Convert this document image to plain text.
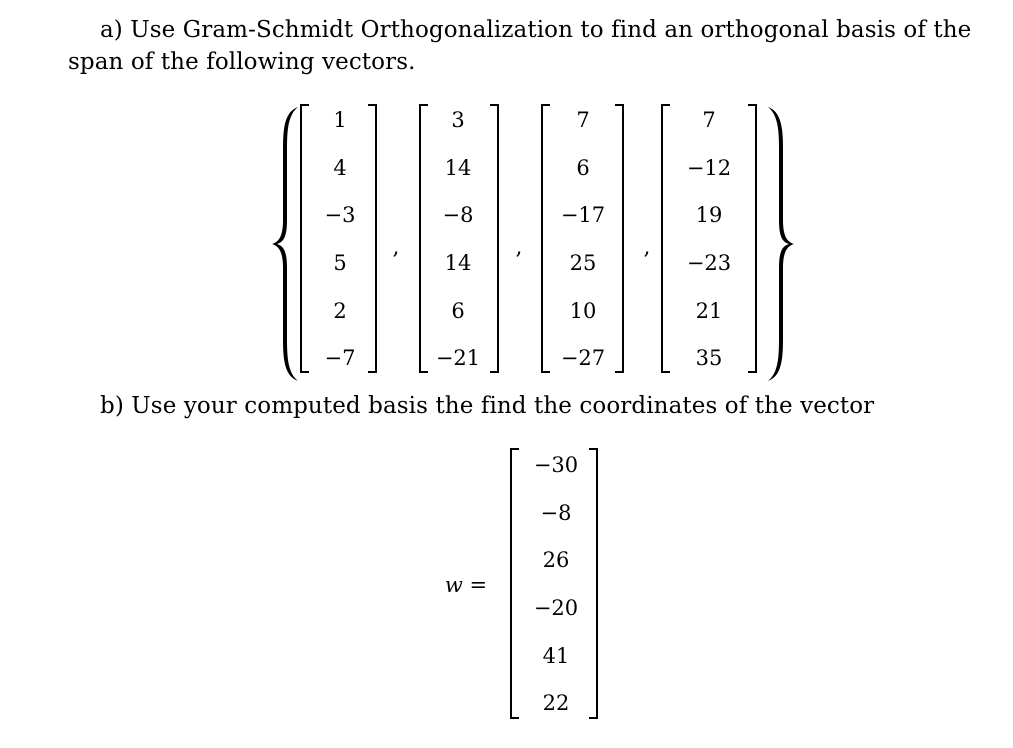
a) Use Gram-Schmidt Orthogonalization to find an orthogonal basis of the
span of the following vectors.
1
4
−3
5
2
−7
,
3
14
−8
14
6
−21
,
7
6
−17
25
10
−27
,
7
−12
19
−23
21
35
w =
−30
−8
26
−20
41
22
b) Use your computed basis the find the coordinates of the vector
